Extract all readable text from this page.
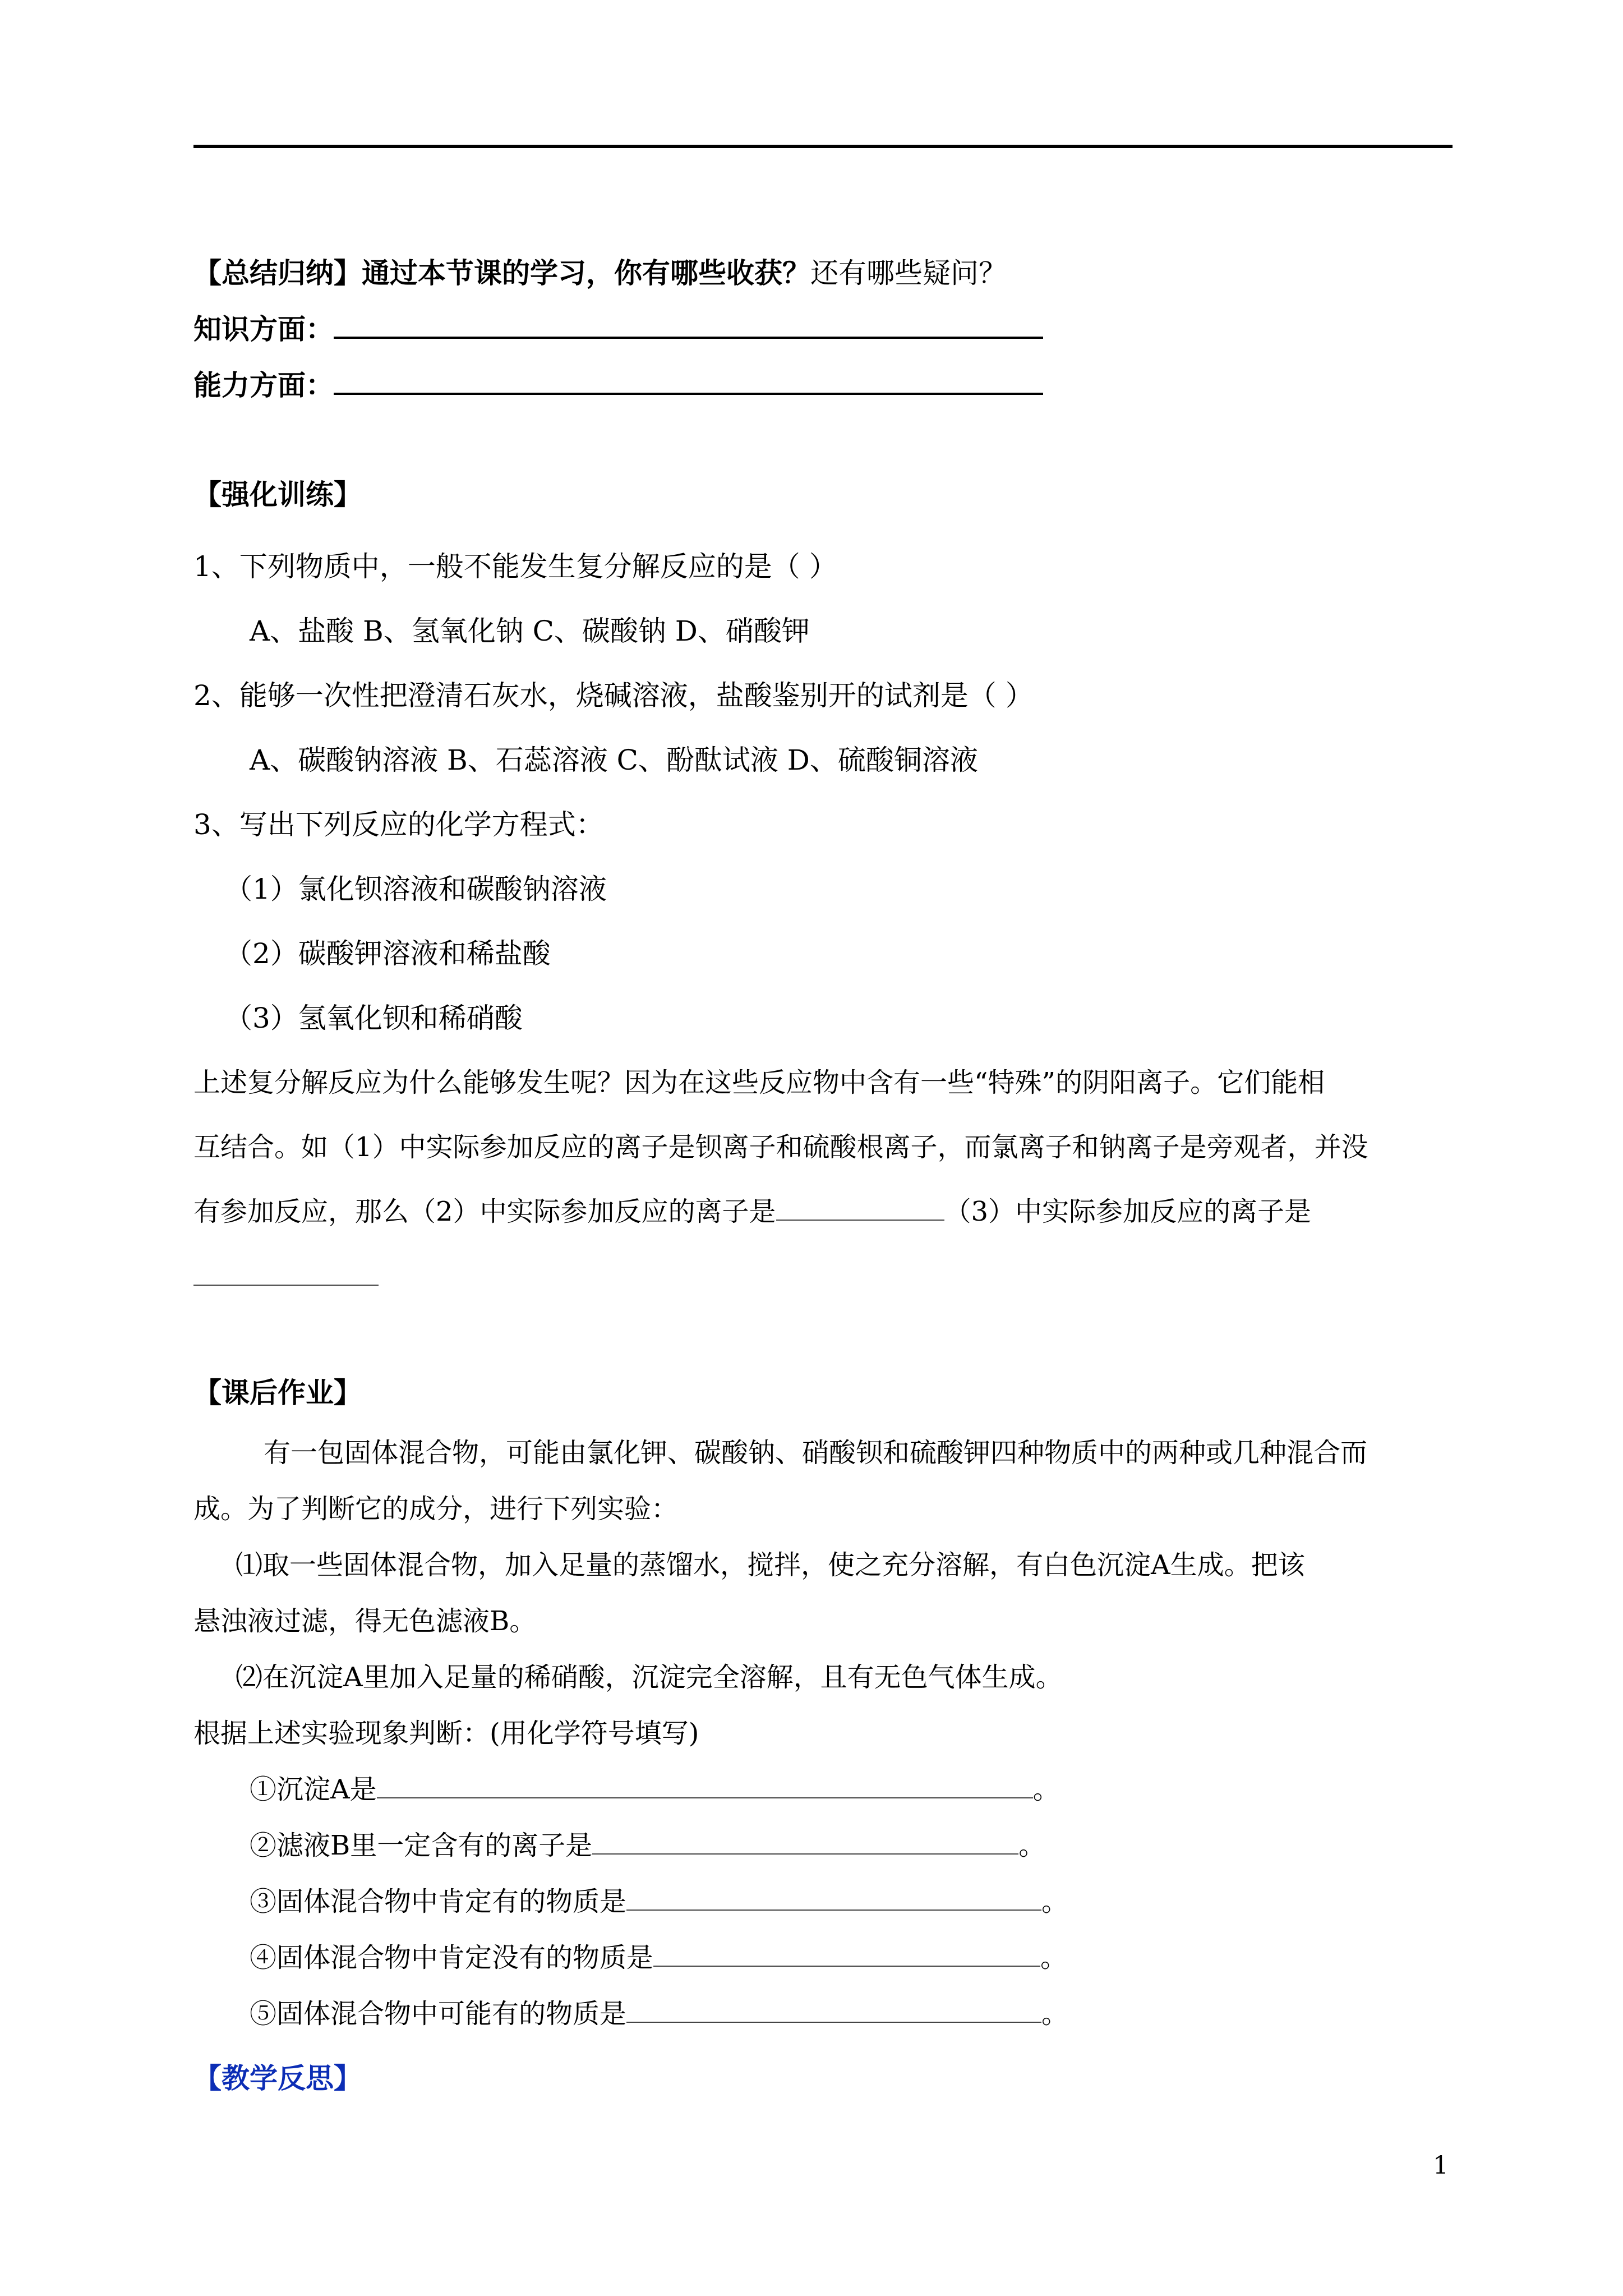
【总结归纳】通过本节课的学习，你有哪些收获？还有哪些疑问？
知识方面：
能力方面：
【强化训练】
1、下列物质中，一般不能发生复分解反应的是（ ）
A、盐酸 B、氢氧化钠 C、碳酸钠 D、硝酸钾
2、能够一次性把澄清石灰水，烧碱溶液，盐酸鉴别开的试剂是（ ）
A、碳酸钠溶液 B、石蕊溶液 C、酚酞试液 D、硫酸铜溶液
3、写出下列反应的化学方程式：
（1）氯化钡溶液和碳酸钠溶液
（2）碳酸钾溶液和稀盐酸
（3）氢氧化钡和稀硝酸
上述复分解反应为什么能够发生呢？因为在这些反应物中含有一些“特殊”的阴阳离子。它们能相
互结合。如（1）中实际参加反应的离子是钡离子和硫酸根离子，而氯离子和钠离子是旁观者，并没
有参加反应，那么（2）中实际参加反应的离子是	（3）中实际参加反应的离子是
【课后作业】
有一包固体混合物，可能由氯化钾、碳酸钠、硝酸钡和硫酸钾四种物质中的两种或几种混合而
成。为了判断它的成分，进行下列实验：
⑴取一些固体混合物，加入足量的蒸馏水，搅拌，使之充分溶解，有白色沉淀A生成。把该
悬浊液过滤，得无色滤液B。
⑵在沉淀A里加入足量的稀硝酸，沉淀完全溶解，且有无色气体生成。
根据上述实验现象判断：(用化学符号填写)
①沉淀A是	。
②滤液B里一定含有的离子是	。
③固体混合物中肯定有的物质是	。
④固体混合物中肯定没有的物质是	。
⑤固体混合物中可能有的物质是	。
【教学反思】
1
